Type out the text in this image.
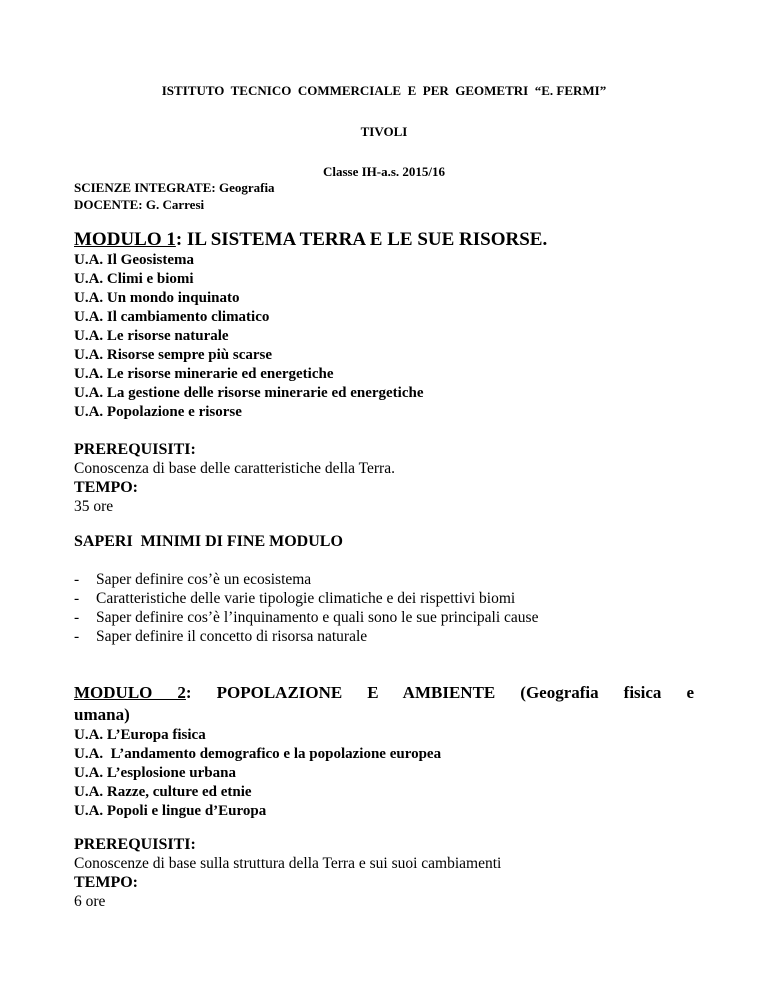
ISTITUTO  TECNICO  COMMERCIALE  E  PER  GEOMETRI  “E. FERMI”
TIVOLI
Classe IH-a.s. 2015/16
SCIENZE INTEGRATE: Geografia
DOCENTE: G. Carresi
MODULO 1: IL SISTEMA TERRA E LE SUE RISORSE.
U.A. Il Geosistema
U.A. Climi e biomi
U.A. Un mondo inquinato
U.A. Il cambiamento climatico
U.A. Le risorse naturale
U.A. Risorse sempre più scarse
U.A. Le risorse minerarie ed energetiche
U.A. La gestione delle risorse minerarie ed energetiche
U.A. Popolazione e risorse
PREREQUISITI:
Conoscenza di base delle caratteristiche della Terra.
TEMPO:
35 ore
SAPERI  MINIMI DI FINE MODULO
-	Saper definire cos’è un ecosistema
-	Caratteristiche delle varie tipologie climatiche e dei rispettivi biomi
-	Saper definire cos’è l’inquinamento e quali sono le sue principali cause
-	Saper definire il concetto di risorsa naturale
MODULO 2: POPOLAZIONE E AMBIENTE (Geografia fisica e
umana)
U.A. L’Europa fisica
U.A.  L’andamento demografico e la popolazione europea
U.A. L’esplosione urbana
U.A. Razze, culture ed etnie
U.A. Popoli e lingue d’Europa
PREREQUISITI:
Conoscenze di base sulla struttura della Terra e sui suoi cambiamenti
TEMPO:
6 ore
